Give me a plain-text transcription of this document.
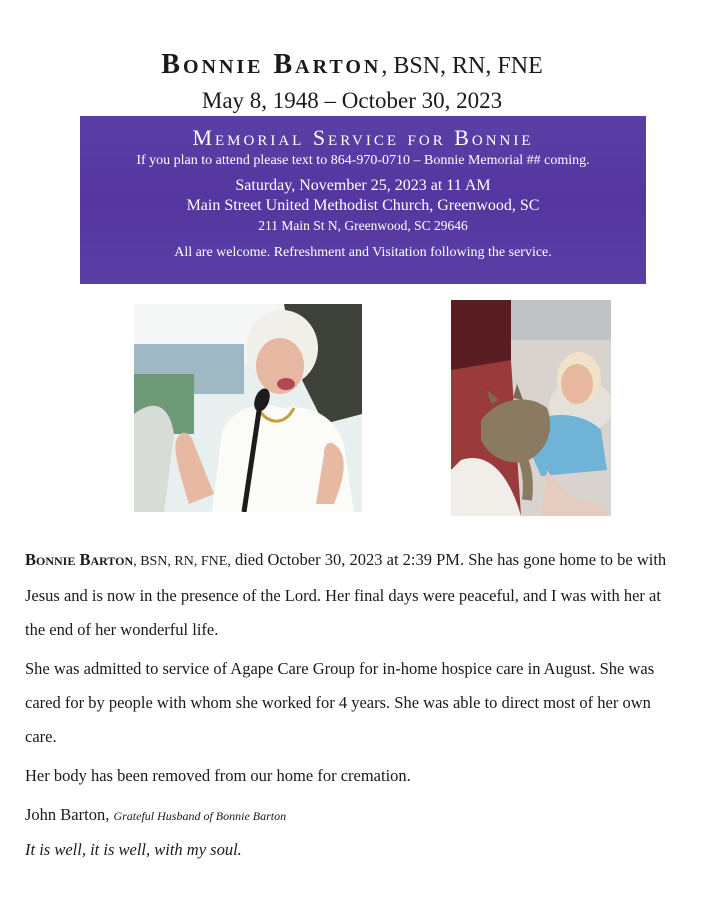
Bonnie Barton, BSN, RN, FNE
May 8, 1948 – October 30, 2023
Memorial Service for Bonnie
If you plan to attend please text to 864-970-0710 – Bonnie Memorial ## coming.
Saturday, November 25, 2023 at 11 AM
Main Street United Methodist Church, Greenwood, SC
211 Main St N, Greenwood, SC 29646
All are welcome. Refreshment and Visitation following the service.
Bonnie Barton, BSN, RN, FNE, died October 30, 2023 at 2:39 PM. She has gone home to be with Jesus and is now in the presence of the Lord. Her final days were peaceful, and I was with her at the end of her wonderful life.
She was admitted to service of Agape Care Group for in-home hospice care in August. She was cared for by people with whom she worked for 4 years. She was able to direct most of her own care.
Her body has been removed from our home for cremation.
John Barton, Grateful Husband of Bonnie Barton
It is well, it is well, with my soul.
